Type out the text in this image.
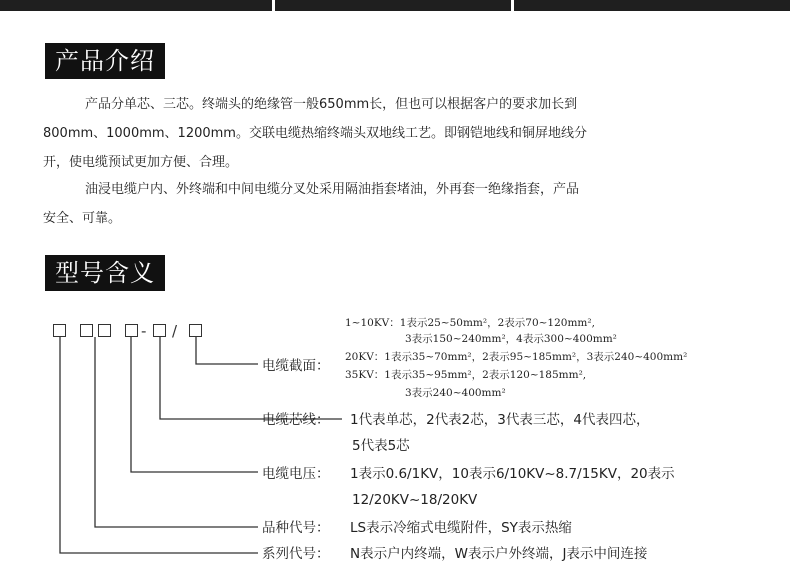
产品介绍
产品分单芯、三芯。终端头的绝缘管一般650mm长，但也可以根据客户的要求加长到
800mm、1000mm、1200mm。交联电缆热缩终端头双地线工艺。即钢铠地线和铜屏地线分
开，使电缆预试更加方便、合理。
油浸电缆户内、外终端和中间电缆分叉处采用隔油指套堵油，外再套一绝缘指套，产品
安全、可靠。
型号含义
- /	1~10KV：1表示25~50mm²，2表示70~120mm²,
3表示150~240mm²，4表示300~400mm²
电缆截面：
20KV：1表示35~70mm²，2表示95~185mm²，3表示240~400mm²
35KV：1表示35~95mm²，2表示120~185mm²,
3表示240~400mm²
电缆芯线： 1代表单芯，2代表2芯，3代表三芯，4代表四芯，
5代表5芯
电缆电压： 1表示0.6/1KV，10表示6/10KV~8.7/15KV，20表示
12/20KV~18/20KV
品种代号： LS表示冷缩式电缆附件，SY表示热缩
系列代号： N表示户内终端，W表示户外终端，J表示中间连接
